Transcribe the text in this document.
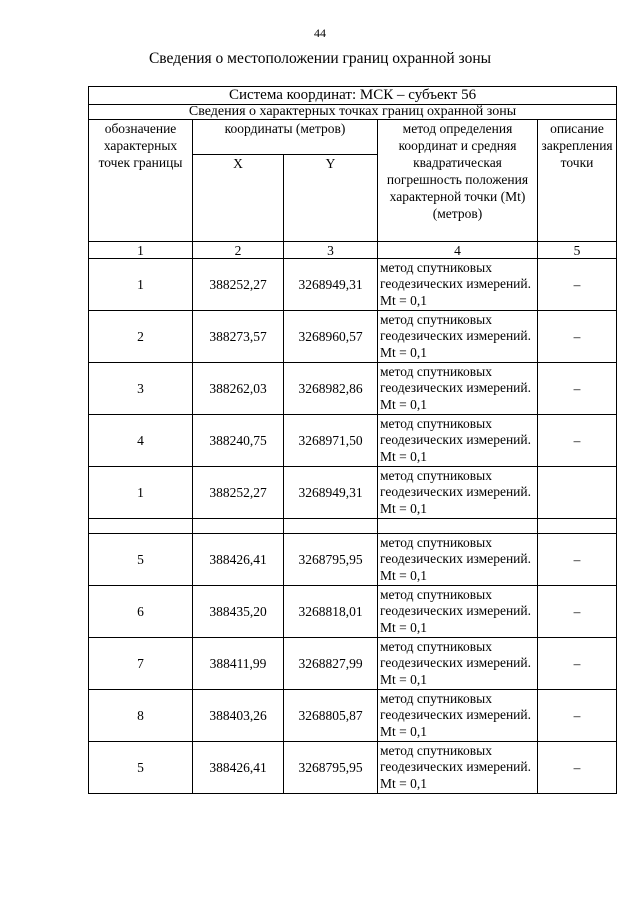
44
Сведения о местоположении границ охранной зоны
Система координат: МСК – субъект 56				
Сведения о характерных точках границ охранной зоны				
обозначение характерных точек границы	координаты (метров)		метод определения координат и средняя квадратическая погрешность положения характерной точки (Mt) (метров)	описание закрепления точки
	X	Y		
1	2	3	4	5
1	388252,27	3268949,31	метод спутниковых геодезических измерений. Mt = 0,1	–
2	388273,57	3268960,57	метод спутниковых геодезических измерений. Mt = 0,1	–
3	388262,03	3268982,86	метод спутниковых геодезических измерений. Mt = 0,1	–
4	388240,75	3268971,50	метод спутниковых геодезических измерений. Mt = 0,1	–
1	388252,27	3268949,31	метод спутниковых геодезических измерений. Mt = 0,1	

5	388426,41	3268795,95	метод спутниковых геодезических измерений. Mt = 0,1	–
6	388435,20	3268818,01	метод спутниковых геодезических измерений. Mt = 0,1	–
7	388411,99	3268827,99	метод спутниковых геодезических измерений. Mt = 0,1	–
8	388403,26	3268805,87	метод спутниковых геодезических измерений. Mt = 0,1	–
5	388426,41	3268795,95	метод спутниковых геодезических измерений. Mt = 0,1	–
